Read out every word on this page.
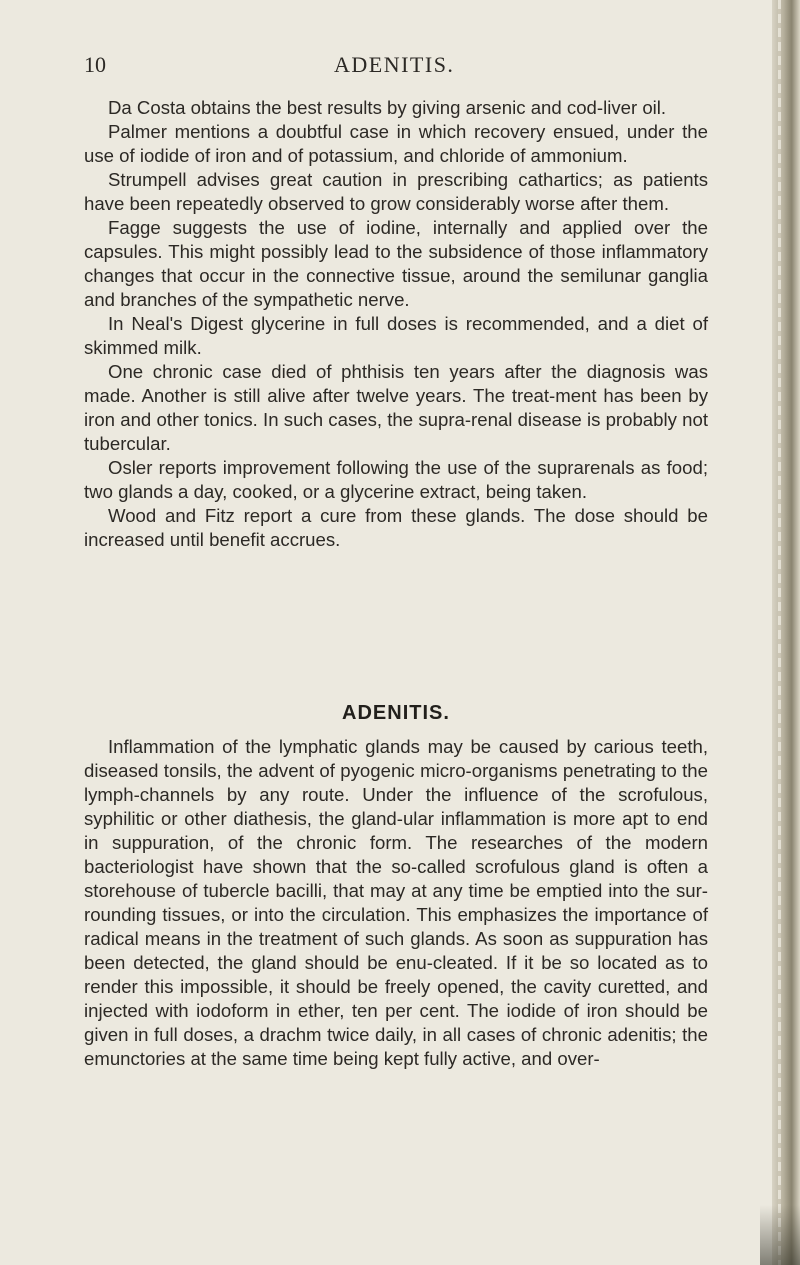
10	ADENITIS.

Da Costa obtains the best results by giving arsenic and cod-liver oil.

Palmer mentions a doubtful case in which recovery ensued, under the use of iodide of iron and of potassium, and chloride of ammonium.

Strumpell advises great caution in prescribing cathartics; as patients have been repeatedly observed to grow considerably worse after them.

Fagge suggests the use of iodine, internally and applied over the capsules. This might possibly lead to the subsidence of those inflammatory changes that occur in the connective tissue, around the semilunar ganglia and branches of the sympathetic nerve.

In Neal's Digest glycerine in full doses is recommended, and a diet of skimmed milk.

One chronic case died of phthisis ten years after the diagnosis was made. Another is still alive after twelve years. The treat-ment has been by iron and other tonics. In such cases, the supra-renal disease is probably not tubercular.

Osler reports improvement following the use of the suprarenals as food; two glands a day, cooked, or a glycerine extract, being taken.

Wood and Fitz report a cure from these glands. The dose should be increased until benefit accrues.

ADENITIS.

Inflammation of the lymphatic glands may be caused by carious teeth, diseased tonsils, the advent of pyogenic micro-organisms penetrating to the lymph-channels by any route. Under the influence of the scrofulous, syphilitic or other diathesis, the gland-ular inflammation is more apt to end in suppuration, of the chronic form. The researches of the modern bacteriologist have shown that the so-called scrofulous gland is often a storehouse of tubercle bacilli, that may at any time be emptied into the sur-rounding tissues, or into the circulation. This emphasizes the importance of radical means in the treatment of such glands. As soon as suppuration has been detected, the gland should be enu-cleated. If it be so located as to render this impossible, it should be freely opened, the cavity curetted, and injected with iodoform in ether, ten per cent. The iodide of iron should be given in full doses, a drachm twice daily, in all cases of chronic adenitis; the emunctories at the same time being kept fully active, and over-
